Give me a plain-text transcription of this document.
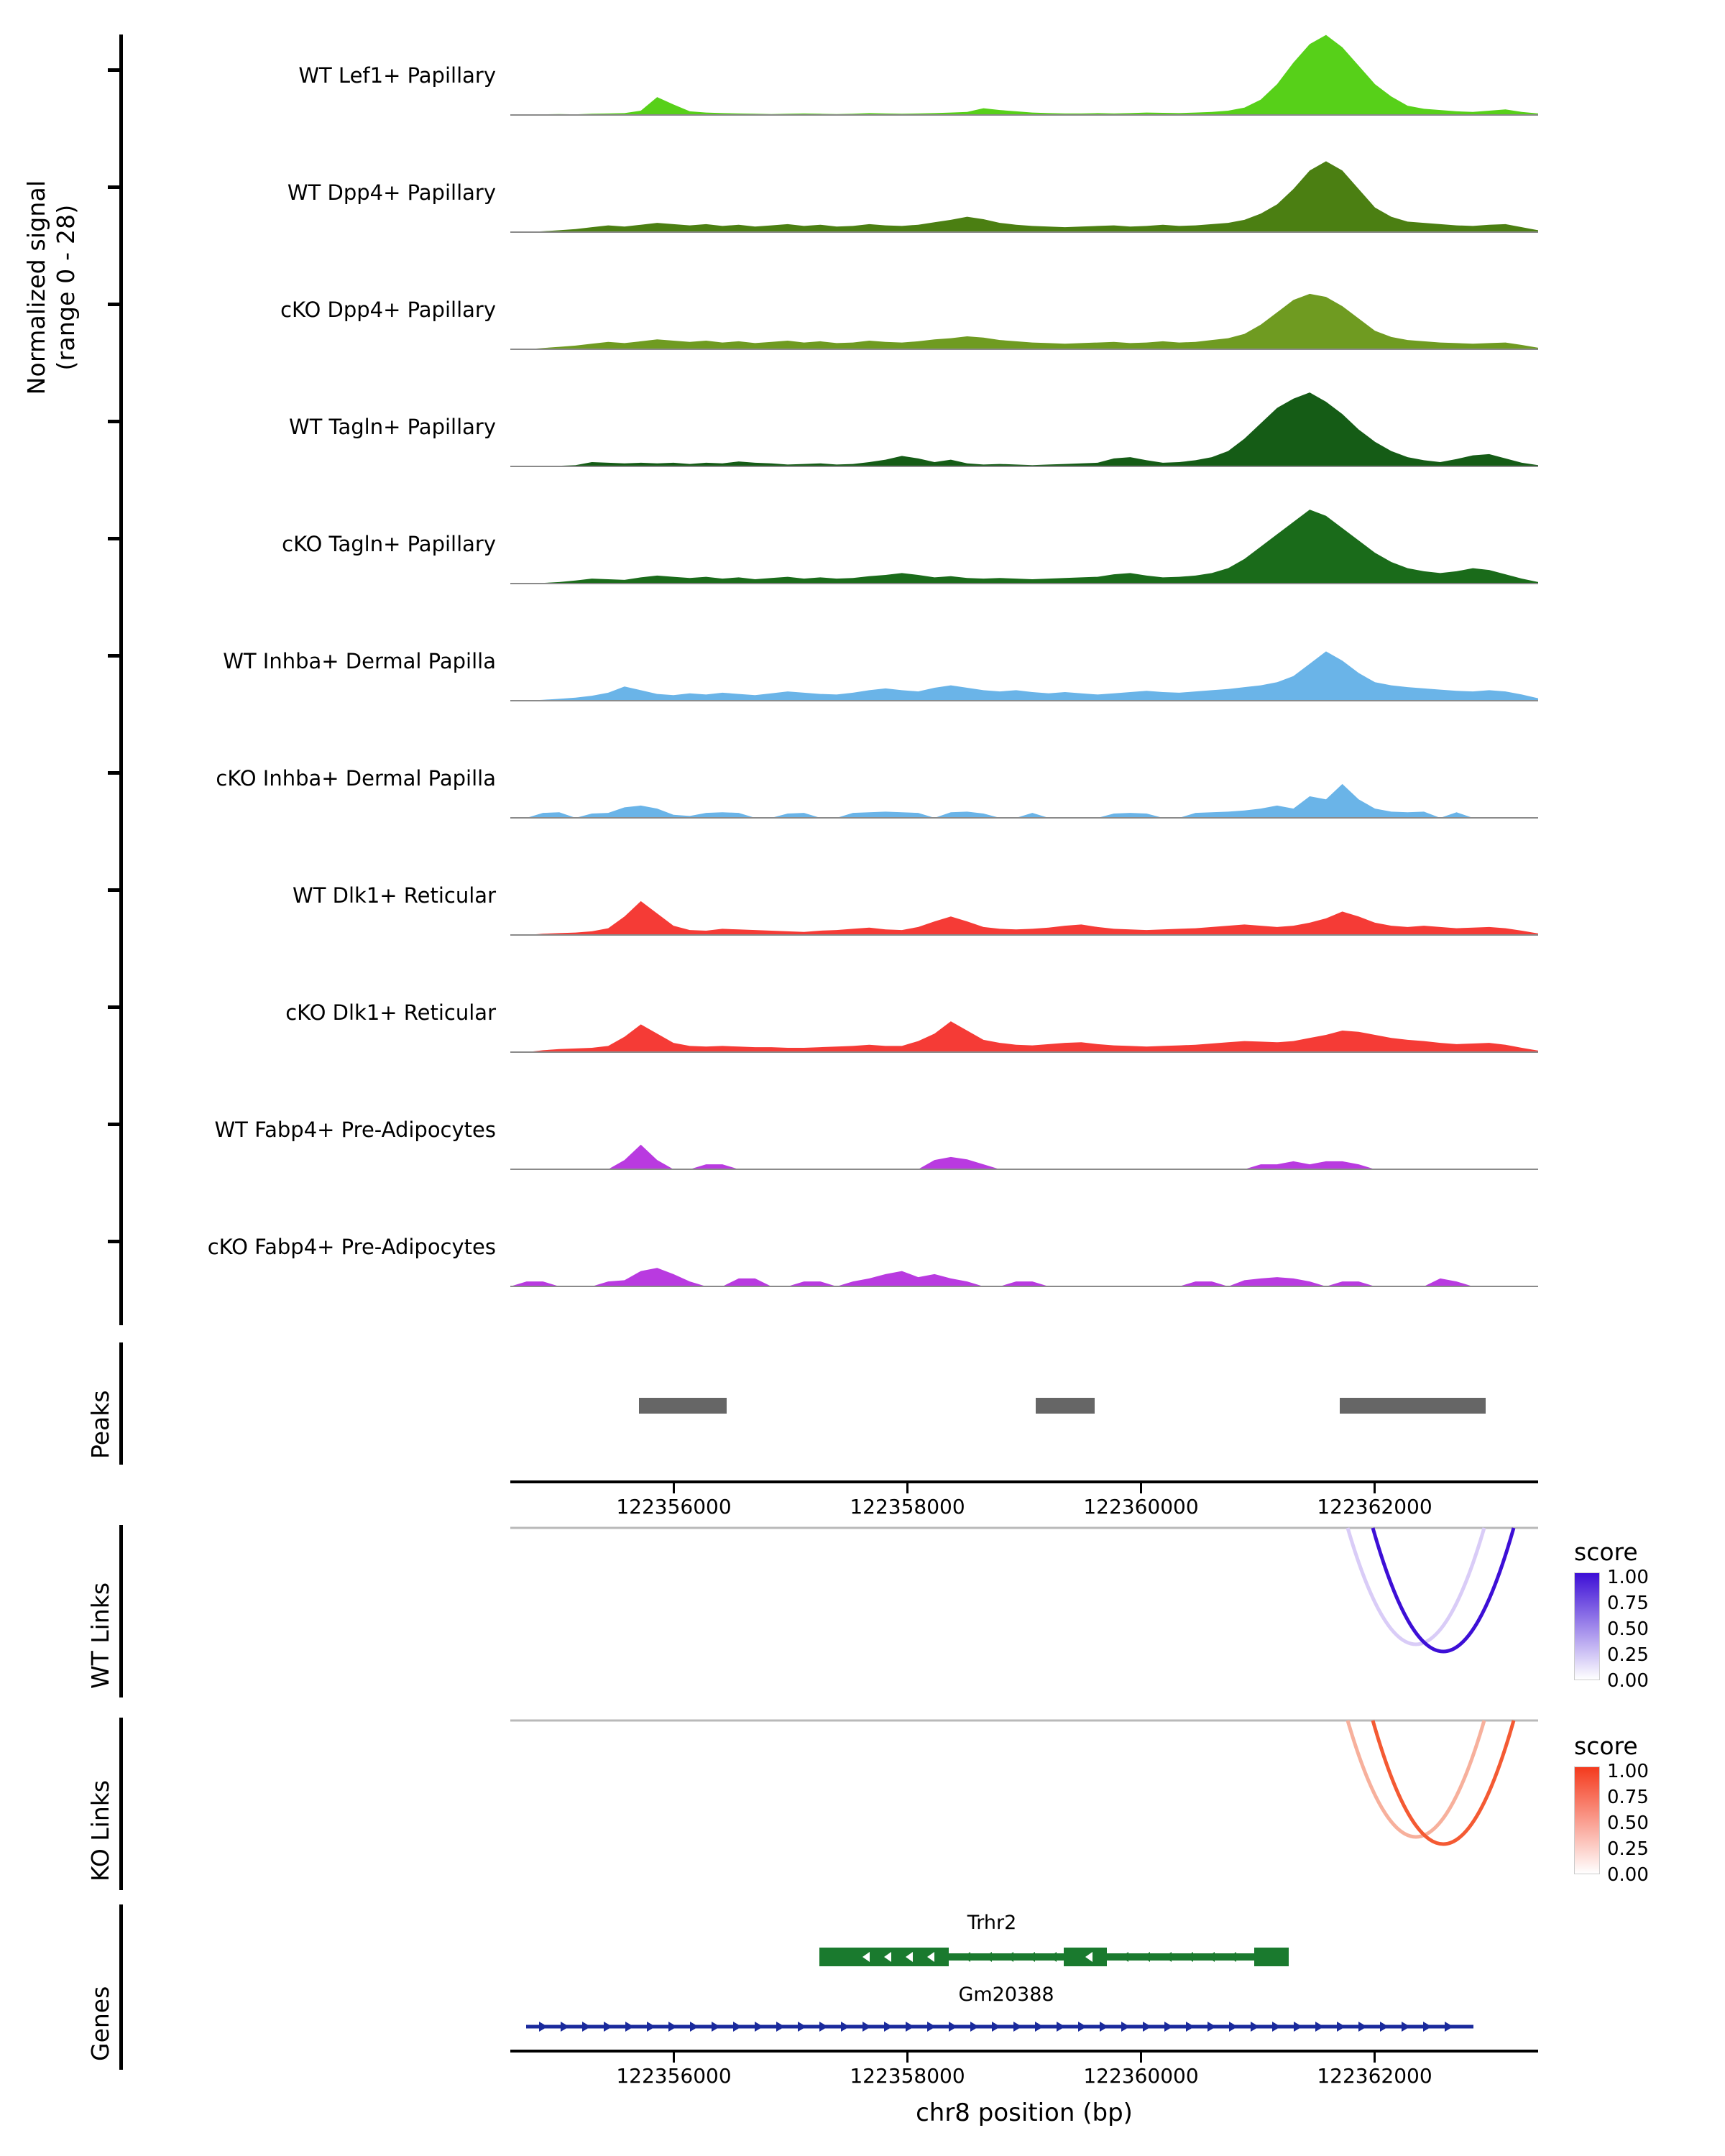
Normalized signal (range 0 - 28)
WT Lef1+ Papillary
WT Dpp4+ Papillary
cKO Dpp4+ Papillary
WT Tagln+ Papillary
cKO Tagln+ Papillary
WT Inhba+ Dermal Papilla
cKO Inhba+ Dermal Papilla
WT Dlk1+ Reticular
cKO Dlk1+ Reticular
WT Fabp4+ Pre-Adipocytes
cKO Fabp4+ Pre-Adipocytes
Peaks
122356000	122358000	122360000	122362000
WT Links
KO Links
Genes
Trhr2
Gm20388
122356000	122358000	122360000	122362000
chr8 position (bp)
score
1.00
0.75
0.50
0.25
0.00
score
1.00
0.75
0.50
0.25
0.00
